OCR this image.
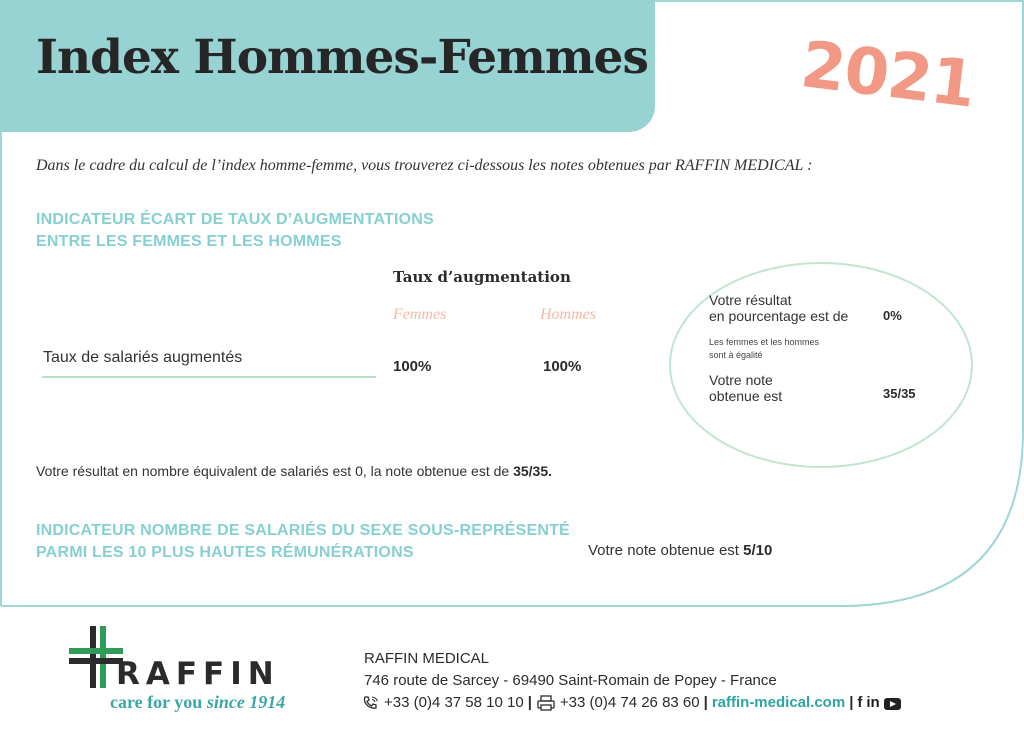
Index Hommes-Femmes 2021
Dans le cadre du calcul de l’index homme-femme, vous trouverez ci-dessous les notes obtenues par RAFFIN MEDICAL :
INDICATEUR ÉCART DE TAUX D’AUGMENTATIONS
ENTRE LES FEMMES ET LES HOMMES
Taux d’augmentation
Femmes	Hommes
Taux de salariés augmentés
100%	100%
Votre résultat
en pourcentage est de	0%
Les femmes et les hommes
sont à égalité
Votre note
obtenue est	35/35
Votre résultat en nombre équivalent de salariés est 0, la note obtenue est de 35/35.
INDICATEUR NOMBRE DE SALARIÉS DU SEXE SOUS-REPRÉSENTÉ
PARMI LES 10 PLUS HAUTES RÉMUNÉRATIONS	Votre note obtenue est 5/10
RAFFIN
care for you since 1914
RAFFIN MEDICAL
746 route de Sarcey - 69490 Saint-Romain de Popey - France
+33 (0)4 37 58 10 10 | +33 (0)4 74 26 83 60 | raffin-medical.com | f in
